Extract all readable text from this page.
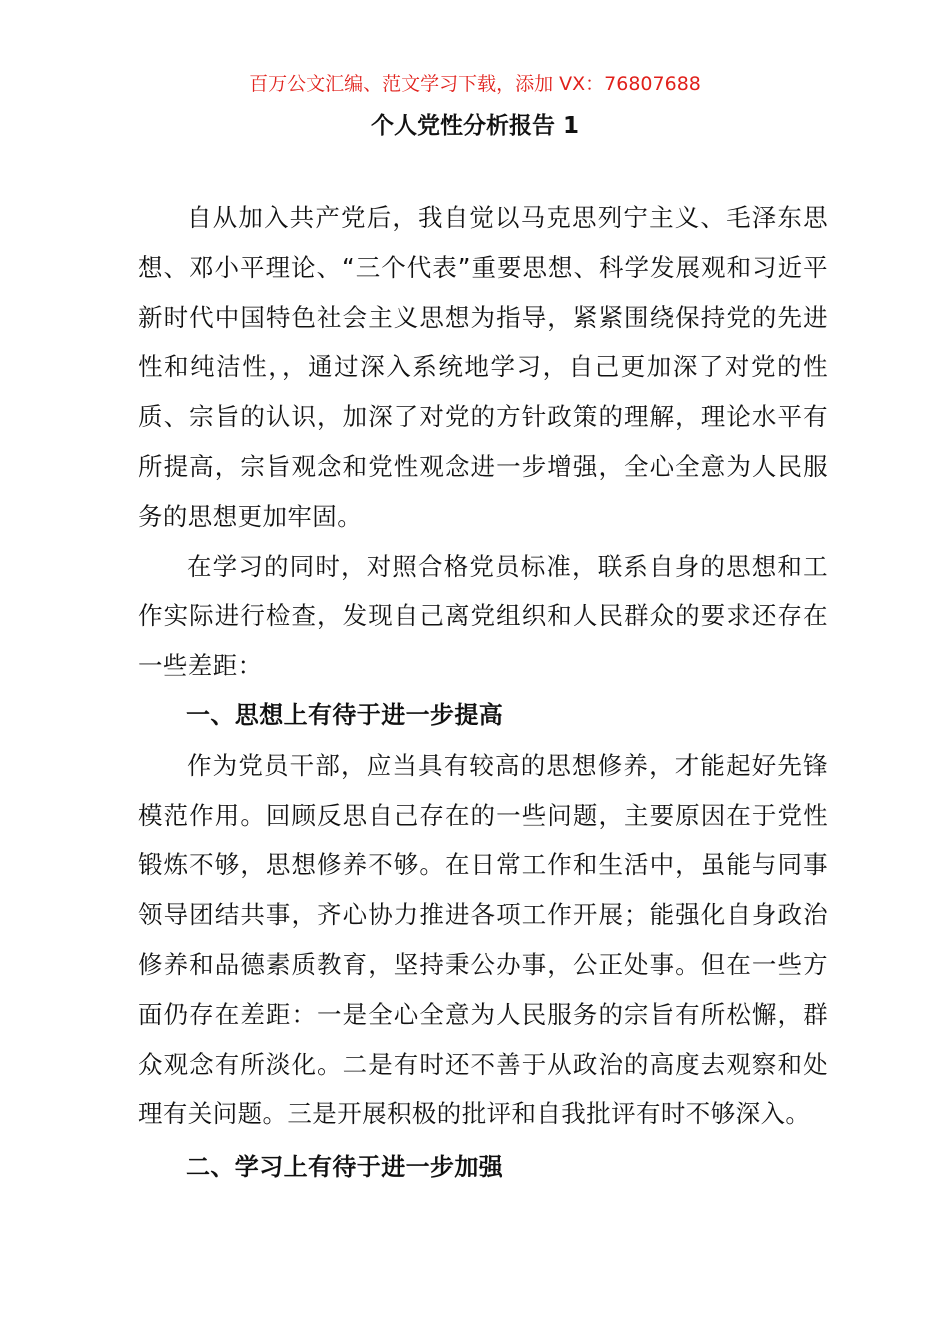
百万公文汇编、范文学习下载，添加 VX：76807688
个人党性分析报告 1

自从加入共产党后，我自觉以马克思列宁主义、毛泽东思想、邓小平理论、“三个代表”重要思想、科学发展观和习近平新时代中国特色社会主义思想为指导，紧紧围绕保持党的先进性和纯洁性，，通过深入系统地学习，自己更加深了对党的性质、宗旨的认识，加深了对党的方针政策的理解，理论水平有所提高，宗旨观念和党性观念进一步增强，全心全意为人民服务的思想更加牢固。

在学习的同时，对照合格党员标准，联系自身的思想和工作实际进行检查，发现自己离党组织和人民群众的要求还存在一些差距：

一、思想上有待于进一步提高

作为党员干部，应当具有较高的思想修养，才能起好先锋模范作用。回顾反思自己存在的一些问题，主要原因在于党性锻炼不够，思想修养不够。在日常工作和生活中，虽能与同事领导团结共事，齐心协力推进各项工作开展；能强化自身政治修养和品德素质教育，坚持秉公办事，公正处事。但在一些方面仍存在差距：一是全心全意为人民服务的宗旨有所松懈，群众观念有所淡化。二是有时还不善于从政治的高度去观察和处理有关问题。三是开展积极的批评和自我批评有时不够深入。

二、学习上有待于进一步加强
